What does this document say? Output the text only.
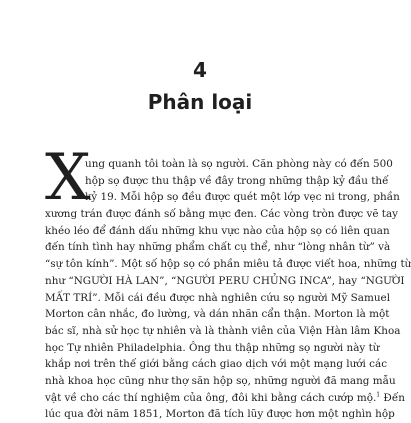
4
Phân loại
X
ung quanh tôi toàn là sọ người. Căn phòng này có đến 500
hộp sọ được thu thập về đây trong những thập kỷ đầu thế
kỷ 19. Mỗi hộp sọ đều được quét một lớp vẹc ni trong, phần
xương trán được đánh số bằng mực đen. Các vòng tròn được vẽ tay
khéo léo để đánh dấu những khu vực nào của hộp sọ có liên quan
đến tính tình hay những phẩm chất cụ thể, như “lòng nhân từ” và
“sự tôn kính”. Một số hộp sọ có phần miêu tả được viết hoa, những từ
như “NGƯỜI HÀ LAN”, “NGƯỜI PERU CHỦNG INCA”, hay “NGƯỜI
MẤT TRÍ”. Mỗi cái đều được nhà nghiên cứu sọ người Mỹ Samuel
Morton cân nhắc, đo lường, và dán nhãn cẩn thận. Morton là một
bác sĩ, nhà sử học tự nhiên và là thành viên của Viện Hàn lâm Khoa
học Tự nhiên Philadelphia. Ông thu thập những sọ người này từ
khắp nơi trên thế giới bằng cách giao dịch với một mạng lưới các
nhà khoa học cũng như thợ săn hộp sọ, những người đã mang mẫu
vật về cho các thí nghiệm của ông, đôi khi bằng cách cướp mộ.$^1$ Đến
lúc qua đời năm 1851, Morton đã tích lũy được hơn một nghìn hộp
